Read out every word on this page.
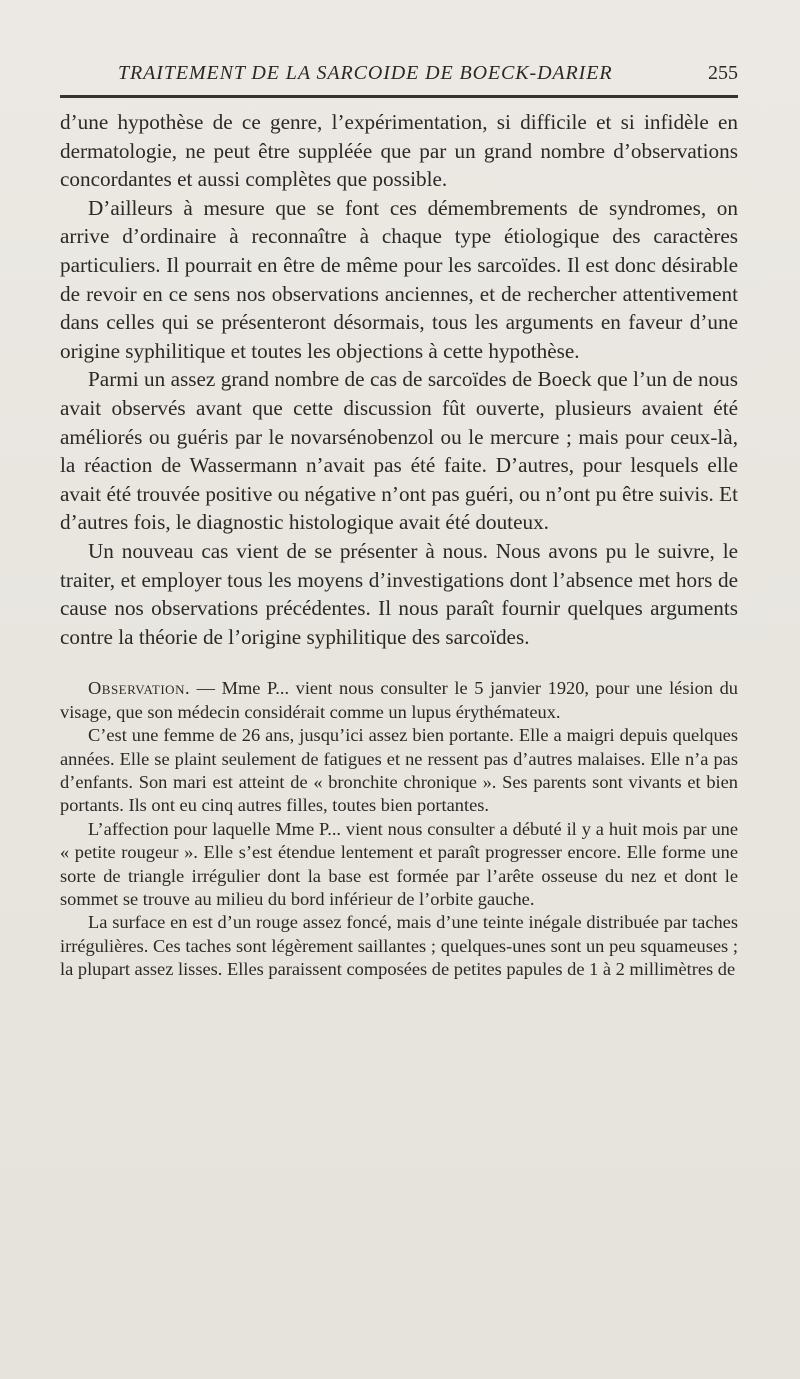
TRAITEMENT DE LA SARCOIDE DE BOECK-DARIER	255

d’une hypothèse de ce genre, l’expérimentation, si difficile et si infidèle en dermatologie, ne peut être suppléée que par un grand nombre d’observations concordantes et aussi complètes que possible.

D’ailleurs à mesure que se font ces démembrements de syndromes, on arrive d’ordinaire à reconnaître à chaque type étiologique des caractères particuliers. Il pourrait en être de même pour les sarcoïdes. Il est donc désirable de revoir en ce sens nos observations anciennes, et de rechercher attentivement dans celles qui se présenteront désormais, tous les arguments en faveur d’une origine syphilitique et toutes les objections à cette hypothèse.

Parmi un assez grand nombre de cas de sarcoïdes de Boeck que l’un de nous avait observés avant que cette discussion fût ouverte, plusieurs avaient été améliorés ou guéris par le novarsénobenzol ou le mercure ; mais pour ceux-là, la réaction de Wassermann n’avait pas été faite. D’autres, pour lesquels elle avait été trouvée positive ou négative n’ont pas guéri, ou n’ont pu être suivis. Et d’autres fois, le diagnostic histologique avait été douteux.

Un nouveau cas vient de se présenter à nous. Nous avons pu le suivre, le traiter, et employer tous les moyens d’investigations dont l’absence met hors de cause nos observations précédentes. Il nous paraît fournir quelques arguments contre la théorie de l’origine syphilitique des sarcoïdes.

Observation. — Mme P... vient nous consulter le 5 janvier 1920, pour une lésion du visage, que son médecin considérait comme un lupus érythémateux.

C’est une femme de 26 ans, jusqu’ici assez bien portante. Elle a maigri depuis quelques années. Elle se plaint seulement de fatigues et ne ressent pas d’autres malaises. Elle n’a pas d’enfants. Son mari est atteint de « bronchite chronique ». Ses parents sont vivants et bien portants. Ils ont eu cinq autres filles, toutes bien portantes.

L’affection pour laquelle Mme P... vient nous consulter a débuté il y a huit mois par une « petite rougeur ». Elle s’est étendue lentement et paraît progresser encore. Elle forme une sorte de triangle irrégulier dont la base est formée par l’arête osseuse du nez et dont le sommet se trouve au milieu du bord inférieur de l’orbite gauche.

La surface en est d’un rouge assez foncé, mais d’une teinte inégale distribuée par taches irrégulières. Ces taches sont légèrement saillantes ; quelques-unes sont un peu squameuses ; la plupart assez lisses. Elles paraissent composées de petites papules de 1 à 2 millimètres de
